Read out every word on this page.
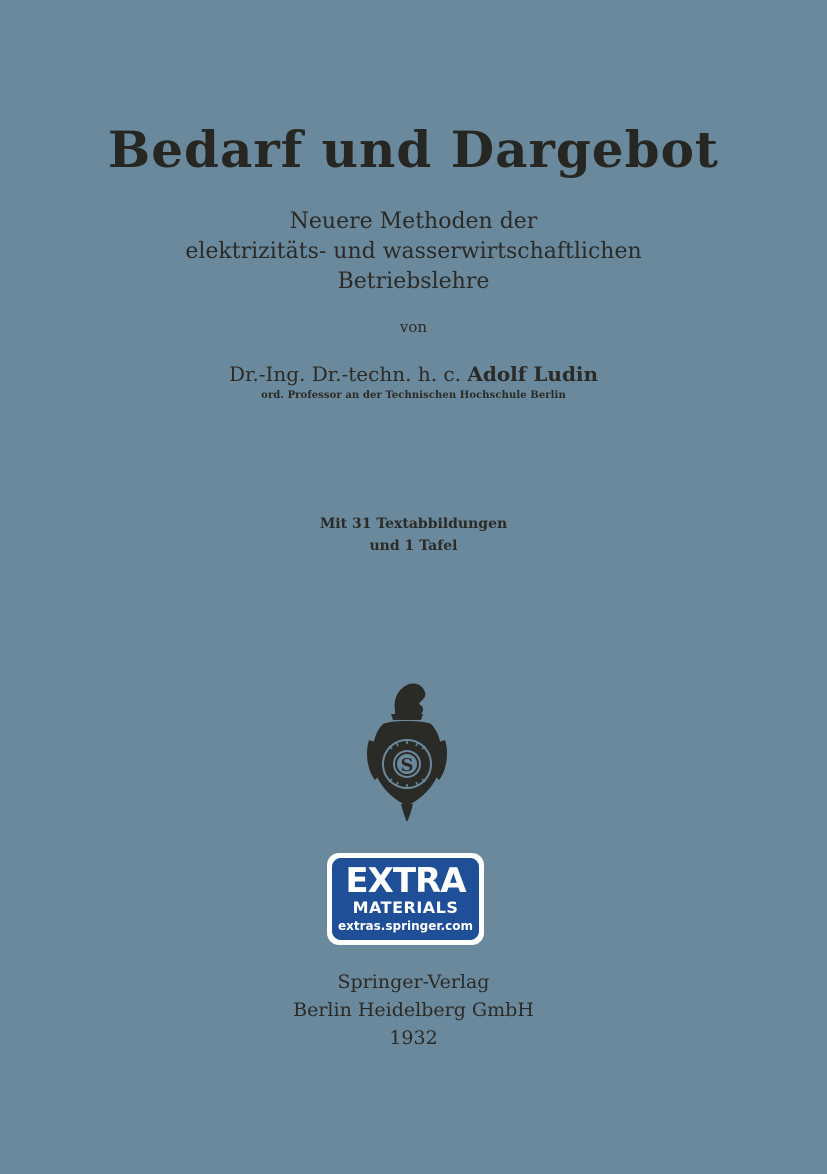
Bedarf und Dargebot
Neuere Methoden der
elektrizitäts- und wasserwirtschaftlichen
Betriebslehre
von
Dr.-Ing. Dr.-techn. h. c. Adolf Ludin
ord. Professor an der Technischen Hochschule Berlin
Mit 31 Textabbildungen
und 1 Tafel
S
EXTRA
MATERIALS
extras.springer.com
Springer-Verlag
Berlin Heidelberg GmbH
1932
